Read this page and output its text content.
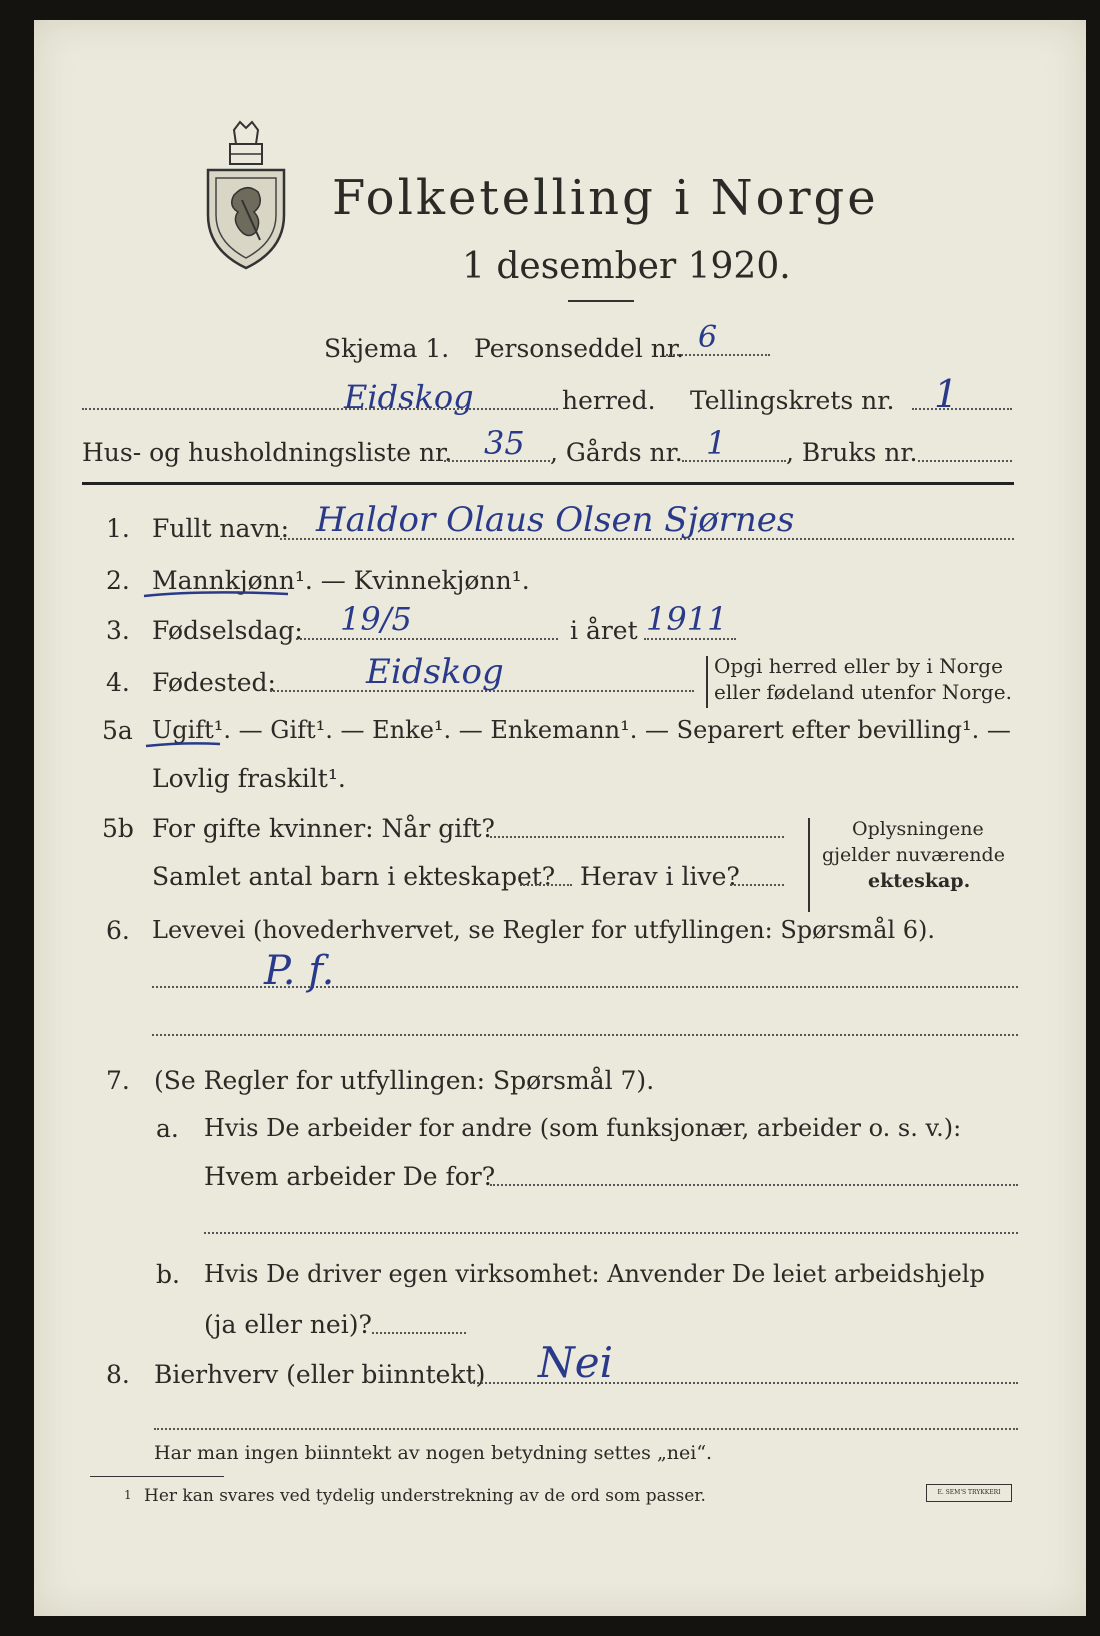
Folketelling i Norge
1 desember 1920.
Skjema 1. Personseddel nr. 6
Eidskog	herred. Tellingskrets nr. 1
Hus- og husholdningsliste nr. 35 , Gårds nr. 1 , Bruks nr.
1. Fullt navn: Haldor Olaus Olsen Sjørnes
2. Mannkjønn¹. — Kvinnekjønn¹.
3. Fødselsdag: 19/5	i året 1911
4. Fødested:	Eidskog	Opgi herred eller by i Norge
eller fødeland utenfor Norge.
5a Ugift¹. — Gift¹. — Enke¹. — Enkemann¹. — Separert efter bevilling¹. —
Lovlig fraskilt¹.
5b For gifte kvinner: Når gift?
Samlet antal barn i ekteskapet? Herav i live?
Oplysningene
gjelder nuværende
ekteskap.
6. Levevei (hovederhvervet, se Regler for utfyllingen: Spørsmål 6).
P. f.
7. (Se Regler for utfyllingen: Spørsmål 7).
a. Hvis De arbeider for andre (som funksjonær, arbeider o. s. v.):
Hvem arbeider De for?
b. Hvis De driver egen virksomhet: Anvender De leiet arbeidshjelp
(ja eller nei)?
8. Bierhverv (eller biinntekt) Nei
Har man ingen biinntekt av nogen betydning settes „nei“.
1 Her kan svares ved tydelig understrekning av de ord som passer.	E. SEM'S TRYKKERI
